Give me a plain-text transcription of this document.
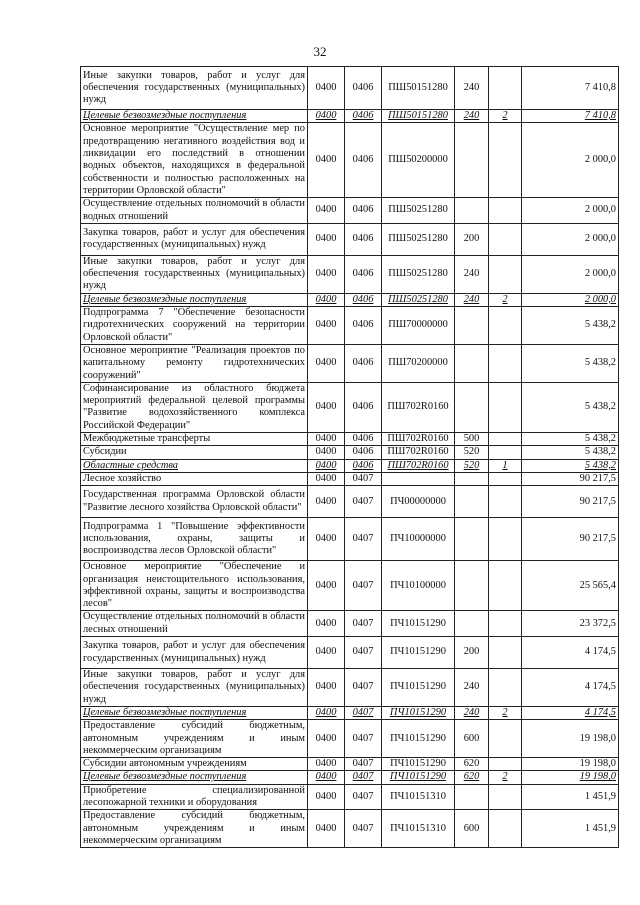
32
Иные закупки товаров, работ и услуг для обеспечения государственных (муниципальных) нужд	0400	0406	ПШ50151280	240		7 410,8
Целевые безвозмездные поступления	0400	0406	ПШ50151280	240	2	7 410,8
Основное мероприятие "Осуществление мер по предотвращению негативного воздействия вод и ликвидации его последствий в отношении водных объектов, находящихся в федеральной собственности и полностью расположенных на территории Орловской области"	0400	0406	ПШ50200000			2 000,0
Осуществление отдельных полномочий в области водных отношений	0400	0406	ПШ50251280			2 000,0
Закупка товаров, работ и услуг для обеспечения государственных (муниципальных) нужд	0400	0406	ПШ50251280	200		2 000,0
Иные закупки товаров, работ и услуг для обеспечения государственных (муниципальных) нужд	0400	0406	ПШ50251280	240		2 000,0
Целевые безвозмездные поступления	0400	0406	ПШ50251280	240	2	2 000,0
Подпрограмма 7 "Обеспечение безопасности гидротехнических сооружений на территории Орловской области"	0400	0406	ПШ70000000			5 438,2
Основное мероприятие "Реализация проектов по капитальному ремонту гидротехнических сооружений"	0400	0406	ПШ70200000			5 438,2
Софинансирование из областного бюджета мероприятий федеральной целевой программы "Развитие водохозяйственного комплекса Российской Федерации"	0400	0406	ПШ702R0160			5 438,2
Межбюджетные трансферты	0400	0406	ПШ702R0160	500		5 438,2
Субсидии	0400	0406	ПШ702R0160	520		5 438,2
Областные средства	0400	0406	ПШ702R0160	520	1	5 438,2
Лесное хозяйство	0400	0407				90 217,5
Государственная программа Орловской области "Развитие лесного хозяйства Орловской области"	0400	0407	ПЧ00000000			90 217,5
Подпрограмма 1 "Повышение эффективности использования, охраны, защиты и воспроизводства лесов Орловской области"	0400	0407	ПЧ10000000			90 217,5
Основное мероприятие "Обеспечение и организация неистощительного использования, эффективной охраны, защиты и воспроизводства лесов"	0400	0407	ПЧ10100000			25 565,4
Осуществление отдельных полномочий в области лесных отношений	0400	0407	ПЧ10151290			23 372,5
Закупка товаров, работ и услуг для обеспечения государственных (муниципальных) нужд	0400	0407	ПЧ10151290	200		4 174,5
Иные закупки товаров, работ и услуг для обеспечения государственных (муниципальных) нужд	0400	0407	ПЧ10151290	240		4 174,5
Целевые безвозмездные поступления	0400	0407	ПЧ10151290	240	2	4 174,5
Предоставление субсидий бюджетным, автономным учреждениям и иным некоммерческим организациям	0400	0407	ПЧ10151290	600		19 198,0
Субсидии автономным учреждениям	0400	0407	ПЧ10151290	620		19 198,0
Целевые безвозмездные поступления	0400	0407	ПЧ10151290	620	2	19 198,0
Приобретение специализированной лесопожарной техники и оборудования	0400	0407	ПЧ10151310			1 451,9
Предоставление субсидий бюджетным, автономным учреждениям и иным некоммерческим организациям	0400	0407	ПЧ10151310	600		1 451,9
